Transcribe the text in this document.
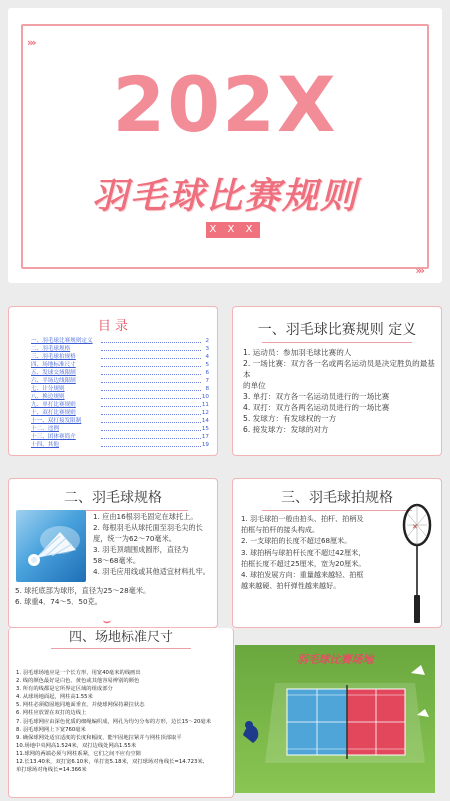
›››
›››
202X
羽毛球比赛规则
X X X
目 录
一、羽毛球比赛规则定义	2
二、羽毛球规格	3
三、羽毛球拍规格	4
四、场地标准尺寸	5
五、发球交域限制	6
六、半场边线限制	7
七、计分规则	8
八、换边规则	10
九、单打比赛规则	11
十、双打比赛规则	12
十一、双打接发限制	14
十二、违例	15
十三、团体赛简介	17
十四、其他	19
一、羽毛球比赛规则 定义
1. 运动员：参加羽毛球比赛的人
2. 一场比赛：双方各一名或两名运动员是决定胜负的最基本
的单位
3. 单打：双方各一名运动员进行的一场比赛
4. 双打：双方各两名运动员进行的一场比赛
5. 发球方：有发球权的一方
6. 接发球方：发球的对方
二、羽毛球规格
1. 应由16根羽毛固定在球托上。
2. 每根羽毛从球托面至羽毛尖的长
度，统一为62～70毫米。
3. 羽毛顶端围成圆形，直径为
58～68毫米。
4. 羽毛应用线或其他适宜材料扎牢。
5. 球托底部为球形，直径为25～28毫米。
6. 球重4．74～5．50克。
三、羽毛球拍规格
1. 羽毛球拍一般由拍头、拍杆、拍柄及
拍框与拍杆的接头构成。
2. 一支球拍的长度不超过68厘米。
3. 球拍柄与球拍杆长度不超过42厘米，
拍框长度不超过25厘米，宽为20厘米。
4. 球拍发展方向：重量越来越轻、拍框
越来越硬、拍杆弹性越来越好。
✕
四、场地标准尺寸
1. 羽毛球场地应是一个长方形，用宽40毫米的线画出
2. 线的颜色最好是白色、黄色或其他容易辨别的颜色
3. 所有的线都是它所界定区域的组成部分
4. 从球场地面起，网柱高1.55米
5. 网柱必须稳固地同地面垂直，并使球网保持紧拉状态
6. 网柱应放置在双打的边线上
7. 羽毛球网应由深色优质的细绳编织成，网孔为均匀分布的方形，边长15～20毫米
8. 羽毛球网网上下宽760毫米
9. 确保球网处适宜适度的长度和幅度，能牢固地拉紧并与网柱顶部取平
10.场地中央网高1.524米，双打边线处网高1.55米
11.球网的两端必须与网柱系紧，它们之间不应有空隙
12.长13.40米，双打宽6.10米，单打宽5.18米，双打球场对角线长=14.723米,
单打球场对角线长=14.366米
⌣
羽毛球比赛场地
